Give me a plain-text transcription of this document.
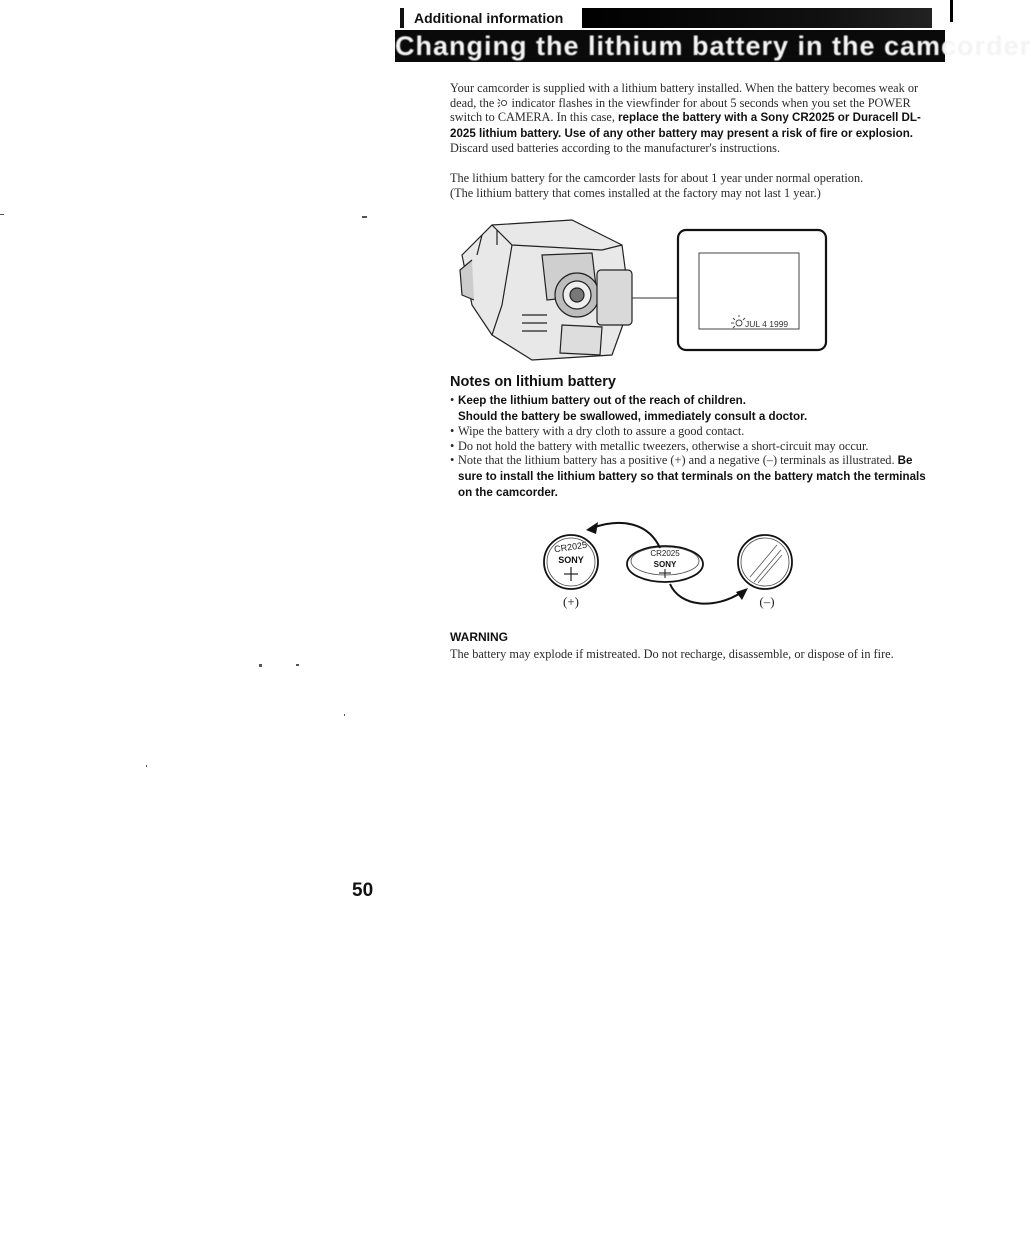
Additional information
Changing the lithium battery in the camcorder
Your camcorder is supplied with a lithium battery installed. When the battery becomes weak or dead, the  indicator flashes in the viewfinder for about 5 seconds when you set the POWER switch to CAMERA. In this case, replace the battery with a Sony CR2025 or Duracell DL-2025 lithium battery. Use of any other battery may present a risk of fire or explosion. Discard used batteries according to the manufacturer's instructions.
The lithium battery for the camcorder lasts for about 1 year under normal operation.
(The lithium battery that comes installed at the factory may not last 1 year.)
JUL 4 1999
Notes on lithium battery
• Keep the lithium battery out of the reach of children.
Should the battery be swallowed, immediately consult a doctor.
• Wipe the battery with a dry cloth to assure a good contact.
• Do not hold the battery with metallic tweezers, otherwise a short-circuit may occur.
• Note that the lithium battery has a positive (+) and a negative (–) terminals as illustrated. Be sure to install the lithium battery so that terminals on the battery match the terminals on the camcorder.
CR2025
SONY
(+)
CR2025
SONY
(–)
WARNING
The battery may explode if mistreated. Do not recharge, disassemble, or dispose of in fire.
50
